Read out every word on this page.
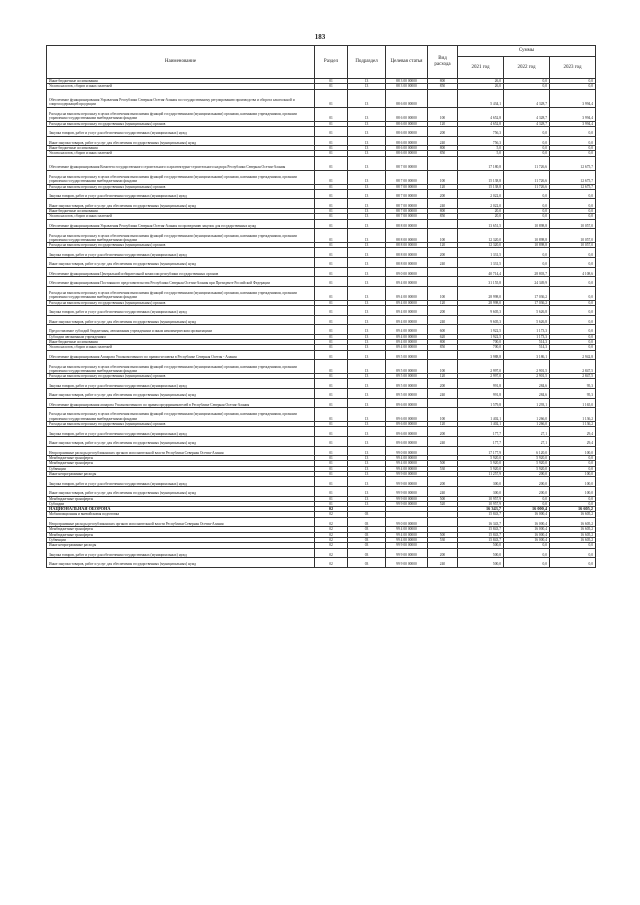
183
Наименование	Раздел	Подраздел	Целевая статья	Вид расхода	Суммы		
					2021 год	2022 год	2023 год
Иные бюджетные ассигнования	01	13	88 3 00 00000	800	26,0	0,0	0,0
Уплата налогов, сборов и иных платежей	01	13	88 3 00 00000	850	26,0	0,0	0,0
Обеспечение функционирования Управления Республики Северная Осетия-Алания по государственному регулированию производства и оборота алкогольной и спиртосодержащей продукции	01	13	88 6 00 00000		5 434,1	4 328,7	3 994,4
Расходы на выплаты персоналу в целях обеспечения выполнения функций государственными (муниципальными) органами, казенными учреждениями, органами управления государственными внебюджетными фондами	01	13	88 6 00 00000	100	4 652,8	4 328,7	3 994,4
Расходы на выплаты персоналу государственных (муниципальных) органов	01	13	88 6 00 00000	120	4 652,8	4 328,7	3 994,4
Закупка товаров, работ и услуг для обеспечения государственных (муниципальных) нужд	01	13	88 6 00 00000	200	756,3	0,0	0,0
Иные закупки товаров, работ и услуг для обеспечения государственных (муниципальных) нужд	01	13	88 6 00 00000	240	756,3	0,0	0,0
Иные бюджетные ассигнования	01	13	88 6 00 00000	800	5,0	0,0	0,0
Уплата налогов, сборов и иных платежей	01	13	88 6 00 00000	850	5,0	0,0	0,0
Обеспечение функционирования Комитета государственного строительного и архитектурно-строительного надзора Республики Северная Осетия-Алания	01	13	88 7 00 00000		17 180,8	11 726,6	12 675,7
Расходы на выплаты персоналу в целях обеспечения выполнения функций государственными (муниципальными) органами, казенными учреждениями, органами управления государственными внебюджетными фондами	01	13	88 7 00 00000	100	15 138,8	11 726,6	12 675,7
Расходы на выплаты персоналу государственных (муниципальных) органов	01	13	88 7 00 00000	120	15 138,8	11 726,6	12 675,7
Закупка товаров, работ и услуг для обеспечения государственных (муниципальных) нужд	01	13	88 7 00 00000	200	2 022,0	0,0	0,0
Иные закупки товаров, работ и услуг для обеспечения государственных (муниципальных) нужд	01	13	88 7 00 00000	240	2 022,0	0,0	0,0
Иные бюджетные ассигнования	01	13	88 7 00 00000	800	20,0	0,0	0,0
Уплата налогов, сборов и иных платежей	01	13	88 7 00 00000	850	20,0	0,0	0,0
Обеспечение функционирования Управления Республики Северная Осетия-Алания по проведению закупок для государственных нужд	01	13	88 8 00 00000		13 651,5	10 898,8	10 057,0
Расходы на выплаты персоналу в целях обеспечения выполнения функций государственными (муниципальными) органами, казенными учреждениями, органами управления государственными внебюджетными фондами	01	13	88 8 00 00000	100	12 320,0	10 898,8	10 057,0
Расходы на выплаты персоналу государственных (муниципальных) органов	01	13	88 8 00 00000	120	12 320,0	10 898,8	10 057,0
Закупка товаров, работ и услуг для обеспечения государственных (муниципальных) нужд	01	13	88 8 00 00000	200	1 331,5	0,0	0,0
Иные закупки товаров, работ и услуг для обеспечения государственных (муниципальных) нужд	01	13	88 8 00 00000	240	1 331,5	0,0	0,0
Обеспечение функционирования Центральной избирательной комиссии республики государственных органов	01	13	89 0 00 00000		40 714,4	28 803,7	4 108,6
Обеспечение функционирования Постоянного представительства Республики Северная Осетия-Алания при Президенте Российской Федерации	01	13	89 4 00 00000		31 155,8	24 349,9	0,0
Расходы на выплаты персоналу в целях обеспечения выполнения функций государственными (муниципальными) органами, казенными учреждениями, органами управления государственными внебюджетными фондами	01	13	89 4 00 00000	100	28 998,0	17 036,2	0,0
Расходы на выплаты персоналу государственных (муниципальных) органов	01	13	89 4 00 00000	120	28 998,0	17 036,2	0,0
Закупка товаров, работ и услуг для обеспечения государственных (муниципальных) нужд	01	13	89 4 00 00000	200	9 605,3	5 626,8	0,0
Иные закупки товаров, работ и услуг для обеспечения государственных (муниципальных) нужд	01	13	89 4 00 00000	240	9 605,3	5 626,8	0,0
Предоставление субсидий бюджетным, автономным учреждениям и иным некоммерческим организациям	01	13	89 4 00 00000	600	1 922,5	1 173,3	0,0
Субсидии автономным учреждениям	01	13	89 4 00 00000	620	1 922,5	1 173,3	0,0
Иные бюджетные ассигнования	01	13	89 4 00 00000	800	700,0	514,3	0,0
Уплата налогов, сборов и иных платежей	01	13	89 4 00 00000	850	700,0	514,3	0,0
Обеспечение функционирования Аппарата Уполномоченного по правам человека в Республике Северная Осетия - Алания	01	13	89 5 00 00000		3 988,8	3 186,1	2 942,8
Расходы на выплаты персоналу в целях обеспечения выполнения функций государственными (муниципальными) органами, казенными учреждениями, органами управления государственными внебюджетными фондами	01	13	89 5 00 00000	100	2 997,0	2 901,5	2 847,5
Расходы на выплаты персоналу государственных (муниципальных) органов	01	13	89 5 00 00000	120	2 997,0	2 901,5	2 847,5
Закупка товаров, работ и услуг для обеспечения государственных (муниципальных) нужд	01	13	89 5 00 00000	200	991,8	284,6	95,3
Иные закупки товаров, работ и услуг для обеспечения государственных (муниципальных) нужд	01	13	89 5 00 00000	240	991,8	284,6	95,3
Обеспечение функционирования аппарата Уполномоченного по правам предпринимателей в Республике Северная Осетия-Алания	01	13	89 6 00 00000		1 579,8	1 293,1	1 165,0
Расходы на выплаты персоналу в целях обеспечения выполнения функций государственными (муниципальными) органами, казенными учреждениями, органами управления государственными внебюджетными фондами	01	13	89 6 00 00000	100	1 402,1	1 266,0	1 136,2
Расходы на выплаты персоналу государственных (муниципальных) органов	01	13	89 6 00 00000	120	1 402,1	1 266,0	1 136,2
Закупка товаров, работ и услуг для обеспечения государственных (муниципальных) нужд	01	13	89 6 00 00000	200	177,7	27,1	29,4
Иные закупки товаров, работ и услуг для обеспечения государственных (муниципальных) нужд	01	13	89 6 00 00000	240	177,7	27,1	29,4
Непрограммные расходы республиканских органов исполнительной власти Республики Северная Осетия-Алания	01	13	99 0 00 00000		17 177,9	6 120,0	100,0
Межбюджетные трансферты	01	13	99 4 00 00000		5 920,0	5 920,0	0,0
Межбюджетные трансферты	01	13	99 4 00 00000	500	5 920,0	5 920,0	0,0
Субвенции	01	13	99 4 00 00000	530	5 920,0	5 920,0	0,0
Иные непрограммные расходы	01	13	99 9 00 00000		11 257,9	200,0	100,0
Закупка товаров, работ и услуг для обеспечения государственных (муниципальных) нужд	01	13	99 9 00 00000	200	300,0	200,0	100,0
Иные закупки товаров, работ и услуг для обеспечения государственных (муниципальных) нужд	01	13	99 9 00 00000	240	300,0	200,0	100,0
Межбюджетные трансферты	01	13	99 9 00 00000	500	10 957,9	0,0	0,0
Субсидии	01	13	99 9 00 00000	520	10 957,9	0,0	0,0
НАЦИОНАЛЬНАЯ ОБОРОНА	02				16 343,7	16 000,4	16 605,2
Мобилизационная и вневойсковая подготовка	02	03			15 843,7	16 000,4	16 605,2
Непрограммные расходы республиканских органов исполнительной власти Республики Северная Осетия-Алания	02	03	99 0 00 00000		16 343,7	16 000,4	16 605,2
Межбюджетные трансферты	02	03	99 4 00 00000		15 843,7	16 000,4	16 605,2
Межбюджетные трансферты	02	03	99 4 00 00000	500	15 843,7	16 000,4	16 605,2
Субвенции	02	03	99 4 00 00000	530	15 843,7	16 000,4	16 605,2
Иные непрограммные расходы	02	03	99 9 00 00000		500,0	0,0	0,0
Закупка товаров, работ и услуг для обеспечения государственных (муниципальных) нужд	02	03	99 9 00 00000	200	500,0	0,0	0,0
Иные закупки товаров, работ и услуг для обеспечения государственных (муниципальных) нужд	02	03	99 9 00 00000	240	500,0	0,0	0,0
